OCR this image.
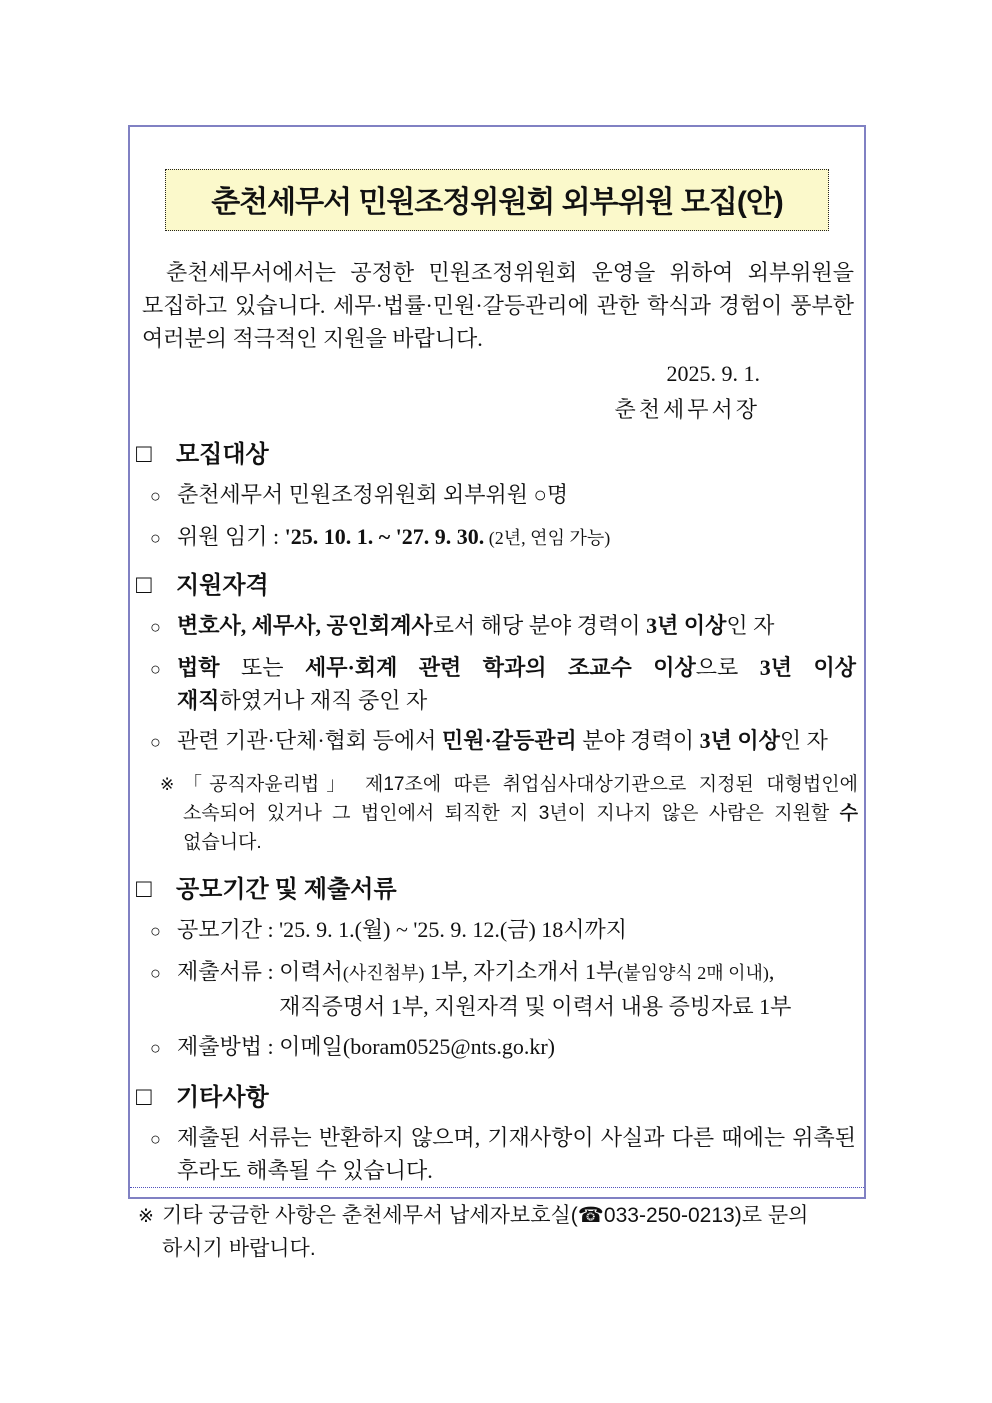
춘천세무서 민원조정위원회 외부위원 모집(안)

춘천세무서에서는 공정한 민원조정위원회 운영을 위하여 외부위원을 모집하고 있습니다. 세무·법률·민원·갈등관리에 관한 학식과 경험이 풍부한 여러분의 적극적인 지원을 바랍니다.

2025. 9. 1.
춘천세무서장
□	모집대상
○ 춘천세무서 민원조정위원회 외부위원 ○명
○ 위원 임기 : '25. 10. 1. ~ '27. 9. 30. (2년, 연임 가능)
□	지원자격
○ 변호사, 세무사, 공인회계사로서 해당 분야 경력이 3년 이상인 자
○ 법학 또는 세무·회계 관련 학과의 조교수 이상으로 3년 이상 재직하였거나 재직 중인 자
○ 관련 기관·단체·협회 등에서 민원·갈등관리 분야 경력이 3년 이상인 자
※ 「공직자윤리법」 제17조에 따른 취업심사대상기관으로 지정된 대형법인에 소속되어 있거나 그 법인에서 퇴직한 지 3년이 지나지 않은 사람은 지원할 수 없습니다.
□	공모기간 및 제출서류
○ 공모기간 : '25. 9. 1.(월) ~ '25. 9. 12.(금) 18시까지
○ 제출서류 : 이력서(사진첨부) 1부, 자기소개서 1부(붙임양식 2매 이내),
재직증명서 1부, 지원자격 및 이력서 내용 증빙자료 1부
○ 제출방법 : 이메일(boram0525@nts.go.kr)
□	기타사항
○ 제출된 서류는 반환하지 않으며, 기재사항이 사실과 다른 때에는 위촉된 후라도 해촉될 수 있습니다.
※ 기타 궁금한 사항은 춘천세무서 납세자보호실(☎033-250-0213)로 문의
하시기 바랍니다.
